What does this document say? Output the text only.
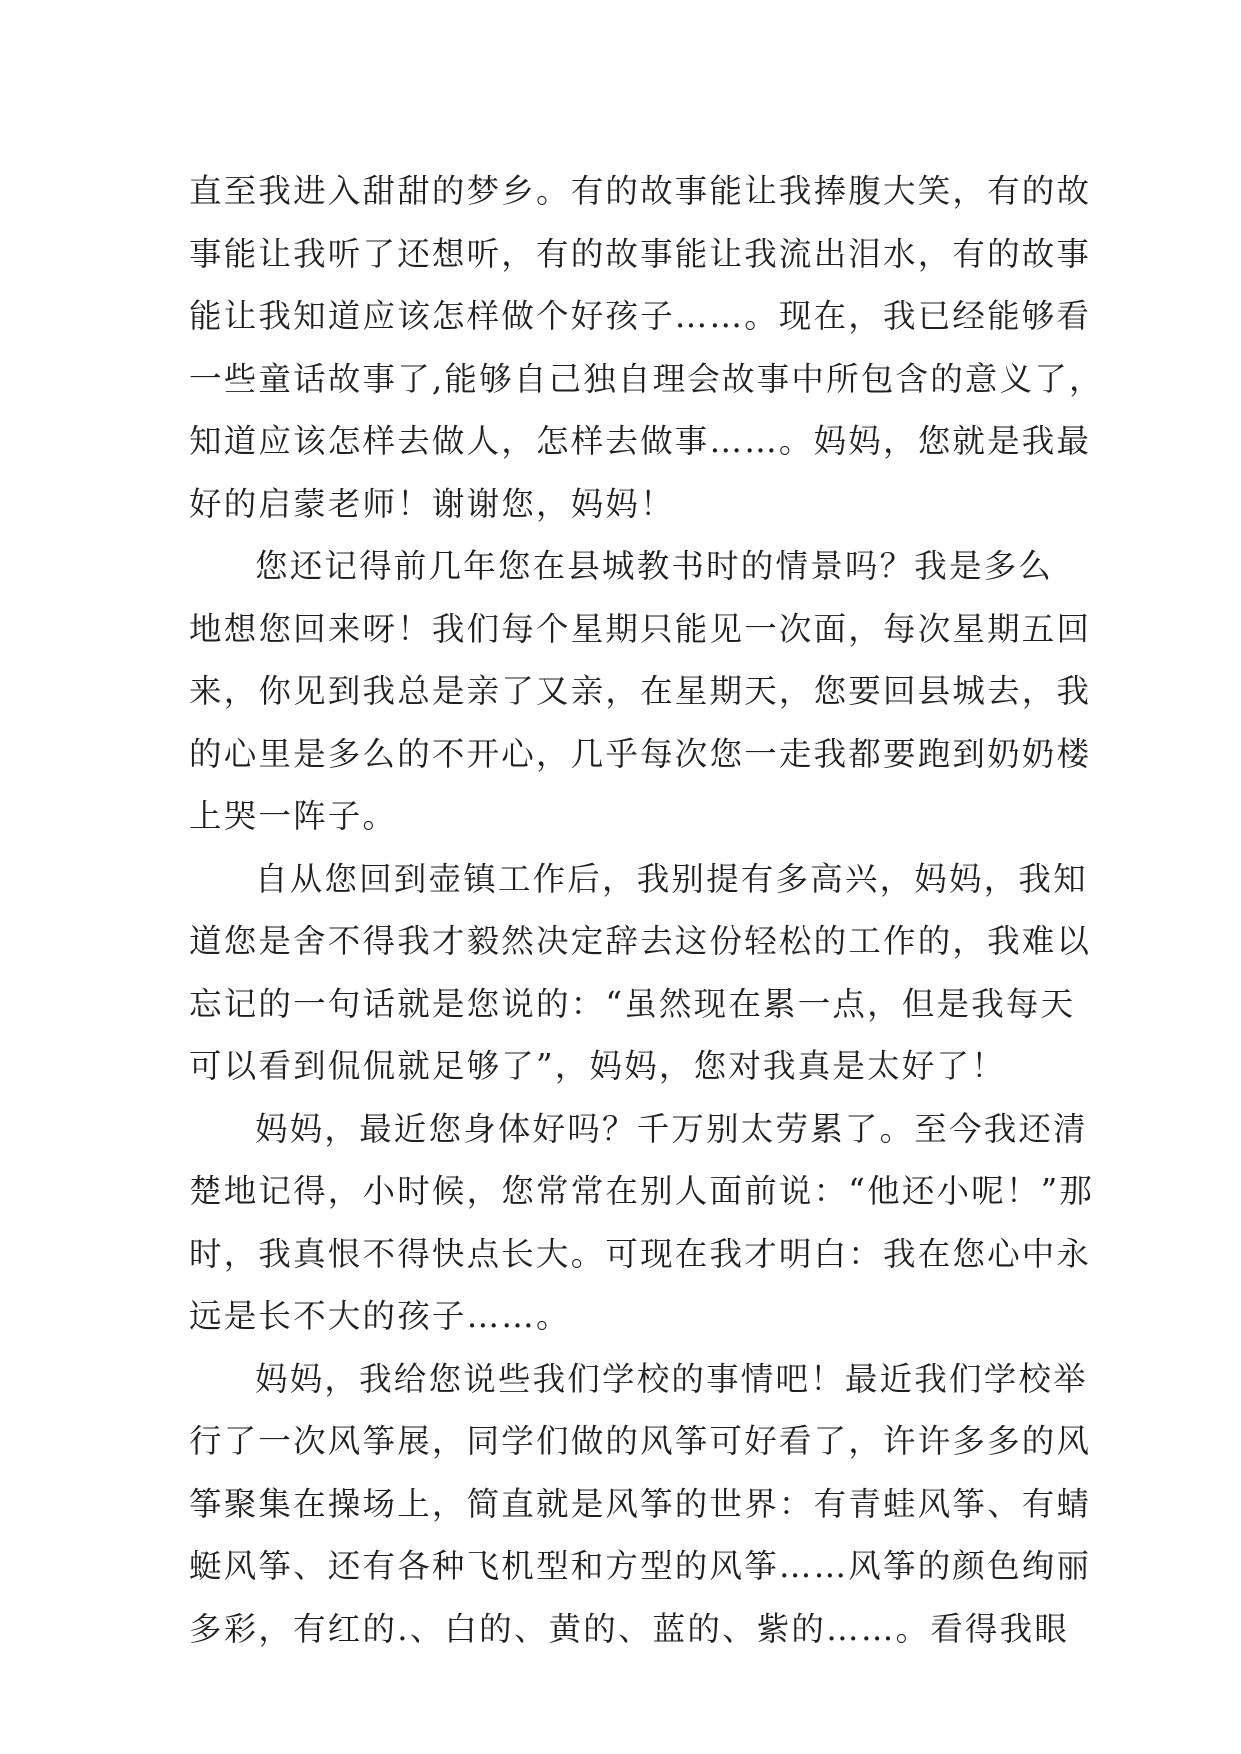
直至我进入甜甜的梦乡。有的故事能让我捧腹大笑，有的故
事能让我听了还想听，有的故事能让我流出泪水，有的故事
能让我知道应该怎样做个好孩子……。现在，我已经能够看
一些童话故事了,能够自己独自理会故事中所包含的意义了，
知道应该怎样去做人，怎样去做事……。妈妈，您就是我最
好的启蒙老师！谢谢您，妈妈！
您还记得前几年您在县城教书时的情景吗？我是多么
地想您回来呀！我们每个星期只能见一次面，每次星期五回
来，你见到我总是亲了又亲，在星期天，您要回县城去，我
的心里是多么的不开心，几乎每次您一走我都要跑到奶奶楼
上哭一阵子。
自从您回到壶镇工作后，我别提有多高兴，妈妈，我知
道您是舍不得我才毅然决定辞去这份轻松的工作的，我难以
忘记的一句话就是您说的：“虽然现在累一点，但是我每天
可以看到侃侃就足够了”，妈妈，您对我真是太好了！
妈妈，最近您身体好吗？千万别太劳累了。至今我还清
楚地记得，小时候，您常常在别人面前说：“他还小呢！”那
时，我真恨不得快点长大。可现在我才明白：我在您心中永
远是长不大的孩子……。
妈妈，我给您说些我们学校的事情吧！最近我们学校举
行了一次风筝展，同学们做的风筝可好看了，许许多多的风
筝聚集在操场上，简直就是风筝的世界：有青蛙风筝、有蜻
蜓风筝、还有各种飞机型和方型的风筝……风筝的颜色绚丽
多彩，有红的.、白的、黄的、蓝的、紫的……。看得我眼
